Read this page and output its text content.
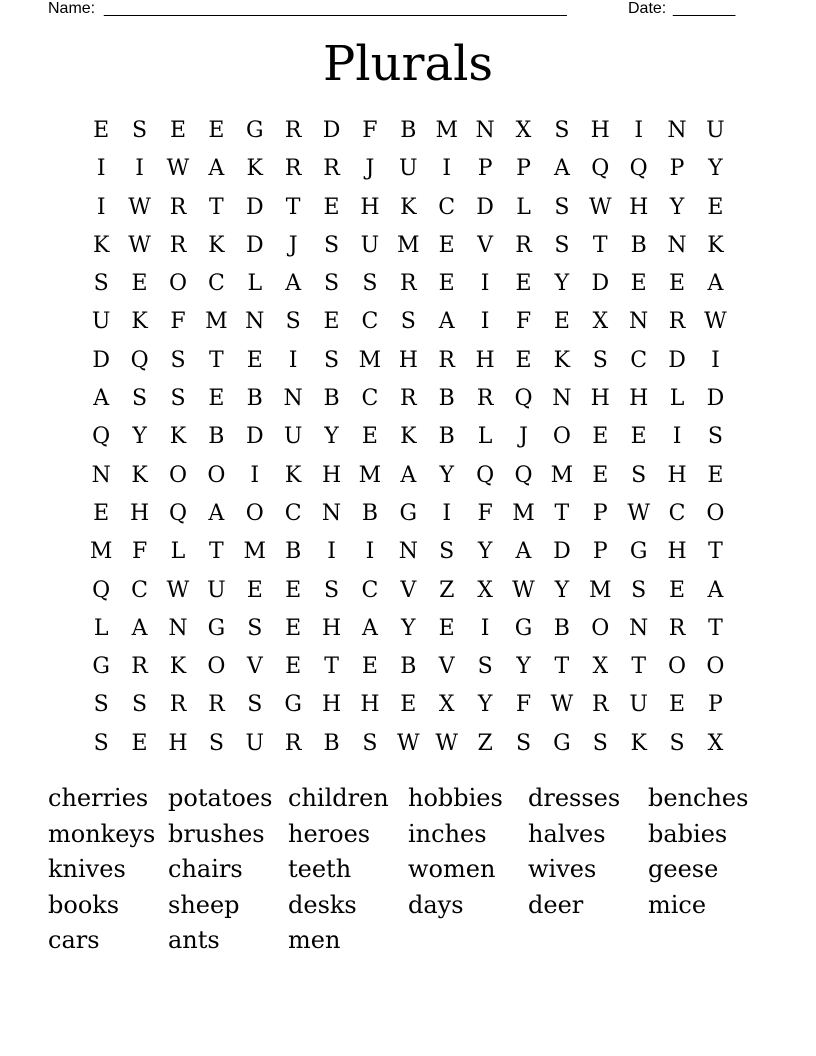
Name: ____________________________________________________	Date: _______
Plurals
E	S	E	E G R D F	B M N X	S H	I	N U
I	I	W A	K R R	J	U	I	P	P	A Q Q P	Y
I	W R	T	D	T	E H K C D	L	S W H Y	E
K W R K D	J	S U M E	V	R	S	T	B N K
S	E O C	L	A	S	S	R	E	I	E	Y	D E	E	A
U K	F M N S	E C	S	A	I	F	E	X N R W
D Q S	T	E	I	S M H R H E	K	S	C D	I
A	S	S	E	B N B C R	B	R Q N H H L	D
Q	Y	K	B D U Y	E	K	B	L	J	O E	E	I	S
N K O O	I	K H M A	Y	Q Q M E	S H E
E H Q A O C N B G	I	F M T	P W C O
M F	L	T M B	I	I	N S	Y	A D	P	G H T
Q C W U E	E	S	C	V	Z	X W Y M S	E	A
L	A N G	S	E H A	Y	E	I	G B O N R	T
G R K O V	E	T	E	B	V	S	Y	T	X	T	O O
S	S	R R	S	G H H E	X	Y	F W R U E	P
S	E H S U R	B	S W W Z	S	G	S	K	S	X
cherries potatoes children hobbies	dresses	benches
monkeys brushes heroes	inches	halves	babies
knives	chairs	teeth	women	wives	geese
books	sheep	desks	days	deer	mice
cars	ants	men
